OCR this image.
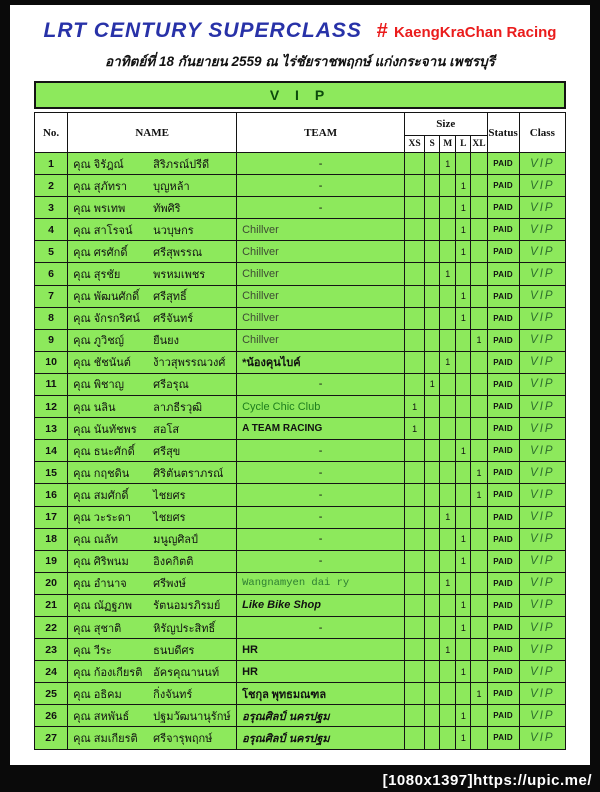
LRT CENTURY SUPERCLASS # KaengKraChan Racing
อาทิตย์ที่ 18 กันยายน 2559 ณ ไร่ชัยราชพฤกษ์ แก่งกระจาน เพชรบุรี
V I P
No.	NAME	TEAM	Size					Status	Class
			XS	S	M	L	XL		
1	คุณ จิรัฎณ์ สิริภรณ์ปรีดี	-			1			PAID	VIP
2	คุณ สุภัทรา บุญหล้า	-				1		PAID	VIP
3	คุณ พรเทพ ทัพศิริ	-				1		PAID	VIP
4	คุณ สาโรจน์ นวบุษกร	Chillver				1		PAID	VIP
5	คุณ ศรศักดิ์ ศรีสุพรรณ	Chillver				1		PAID	VIP
6	คุณ สุรชัย พรหมเพชร	Chillver			1			PAID	VIP
7	คุณ พัฒนศักดิ์ ศรีสุทธิ์	Chillver				1		PAID	VIP
8	คุณ จักรกริศน์ ศรีจันทร์	Chillver				1		PAID	VIP
9	คุณ ภูวิชญ์ ยืนยง	Chillver					1	PAID	VIP
10	คุณ ชัชนันต์ ง้าวสุพรรณวงศ์	*น้องคุนไบค์			1			PAID	VIP
11	คุณ พิชาญ ศรีอรุณ	-		1				PAID	VIP
12	คุณ นลิน ลาภธีรวุฒิ	Cycle Chic Club	1					PAID	VIP
13	คุณ นันทัชพร สอโส	A TEAM RACING	1					PAID	VIP
14	คุณ ธนะศักดิ์ ศรีสุข	-				1		PAID	VIP
15	คุณ กฤชดิน ศิริตันตราภรณ์	-					1	PAID	VIP
16	คุณ สมศักดิ์ ไชยศร	-					1	PAID	VIP
17	คุณ วะระดา ไชยศร	-			1			PAID	VIP
18	คุณ ณลัท มนูญศิลป์	-				1		PAID	VIP
19	คุณ ศิริพนม อิงคกิตติ	-				1		PAID	VIP
20	คุณ อำนาจ ศรีพงษ์	Wangnamyen dai ry			1			PAID	VIP
21	คุณ ณัฏฐภพ รัตนอมรภิรมย์	Like Bike Shop				1		PAID	VIP
22	คุณ สุชาติ หิรัญประสิทธิ์	-				1		PAID	VIP
23	คุณ วีระ ธนบดีศร	HR			1			PAID	VIP
24	คุณ ก้องเกียรติ อัครคุณานนท์	HR				1		PAID	VIP
25	คุณ อธิคม กิ่งจันทร์	โชกุล พุทธมณฑล					1	PAID	VIP
26	คุณ สหพันธ์ ปฐมวัฒนานุรักษ์	อรุณศิลป์ นครปฐม				1		PAID	VIP
27	คุณ สมเกียรติ ศรีจารุพฤกษ์	อรุณศิลป์ นครปฐม				1		PAID	VIP
[1080x1397]https://upic.me/
